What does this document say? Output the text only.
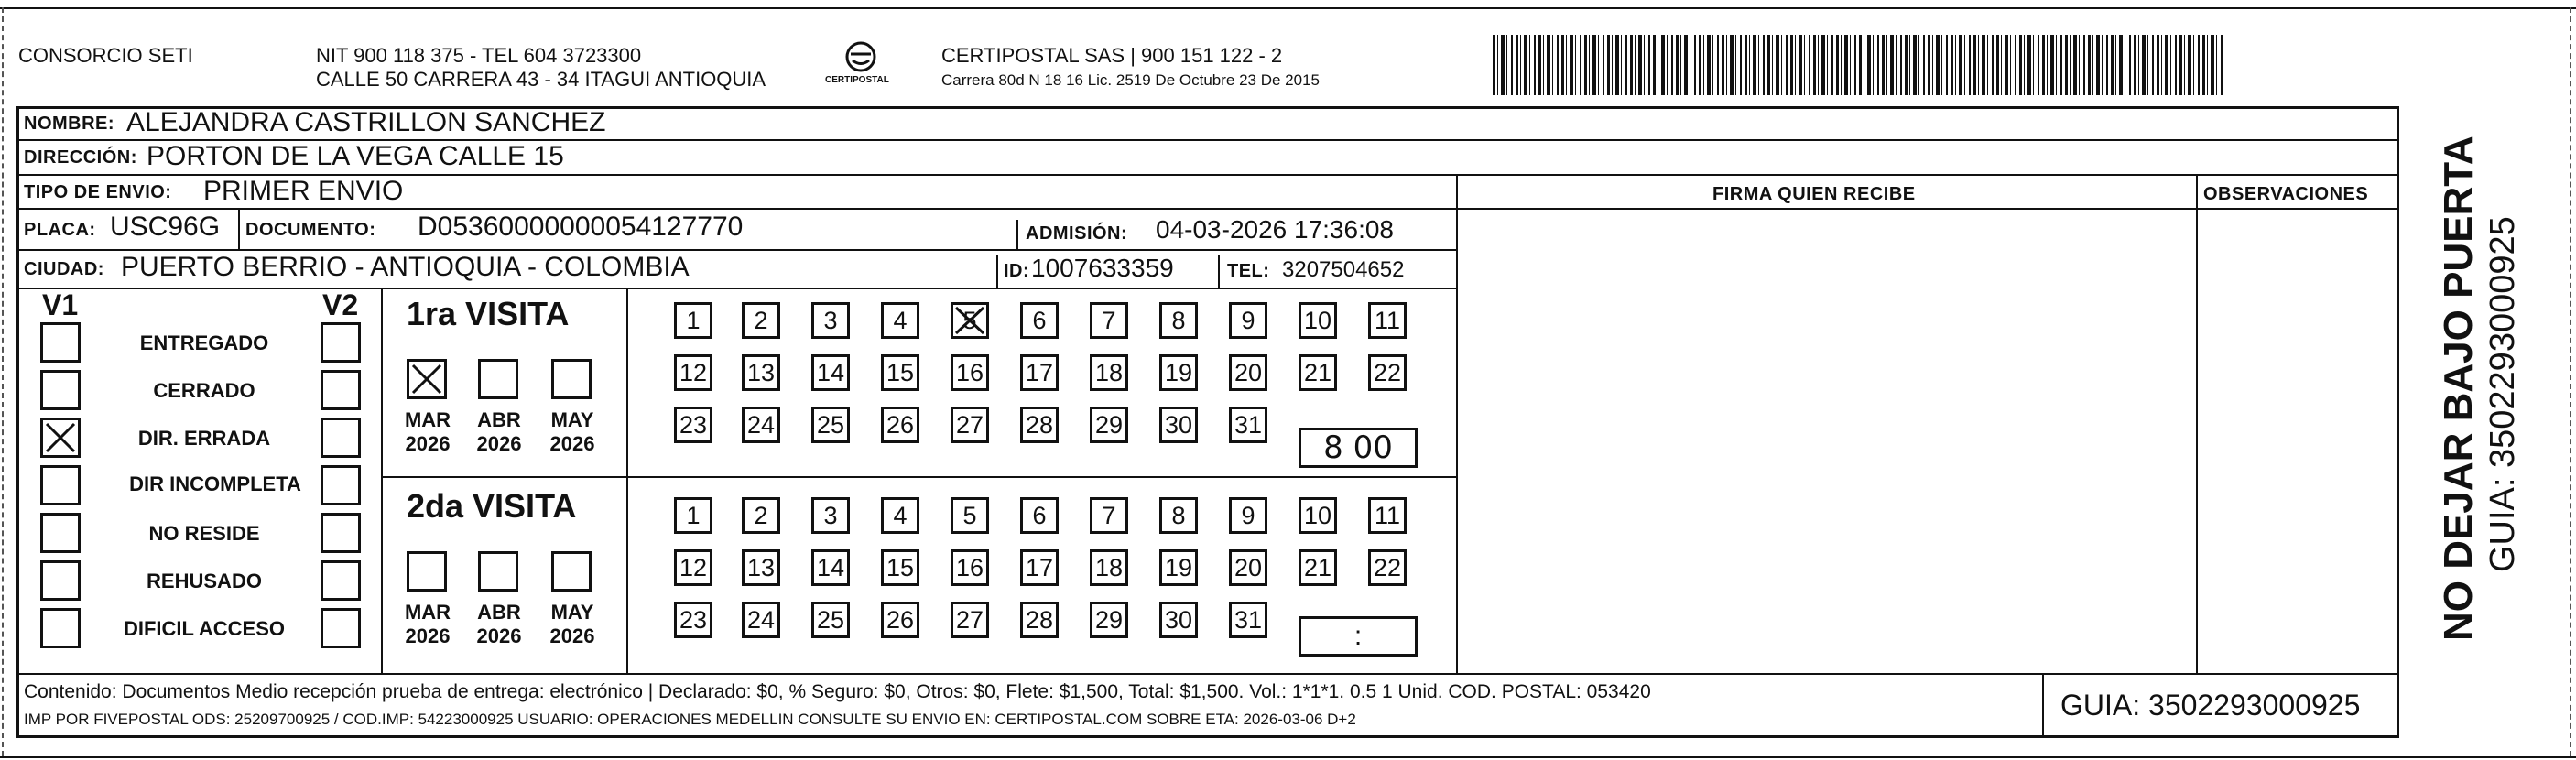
CONSORCIO SETI	NIT 900 118 375 - TEL 604 3723300
CALLE 50 CARRERA 43 - 34 ITAGUI ANTIOQUIA	CERTIPOSTAL
CERTIPOSTAL SAS | 900 151 122 - 2
Carrera 80d N 18 16 Lic. 2519 De Octubre 23 De 2015
NOMBRE: ALEJANDRA CASTRILLON SANCHEZ
DIRECCIÓN: PORTON DE LA VEGA CALLE 15
TIPO DE ENVIO: PRIMER ENVIO	FIRMA QUIEN RECIBE	OBSERVACIONES
PLACA: USC96G DOCUMENTO: D05360000000054127770	ADMISIÓN: 04-03-2026 17:36:08
CIUDAD: PUERTO BERRIO - ANTIOQUIA - COLOMBIA	ID: 1007633359	TEL: 3207504652
V1	V2
ENTREGADO
CERRADO
DIR. ERRADA
DIR INCOMPLETA
NO RESIDE
REHUSADO
DIFICIL ACCESO
1ra VISITA
MAR
2026
ABR
2026
MAY
2026
2da VISITA
MAR
2026
ABR
2026
MAY
2026
1	2	3	4	5	6	7	8	9	10 11
12 13 14 15 16 17 18 19 20 21 22
23 24 25 26 27 28 29 30 31
1	2	3	4	5	6	7	8	9	10 11
12 13 14 15 16 17 18 19 20 21 22
23 24 25 26 27 28 29 30 31
8 00
:
Contenido: Documentos Medio recepción prueba de entrega: electrónico | Declarado: $0, % Seguro: $0, Otros: $0, Flete: $1,500, Total: $1,500. Vol.: 1*1*1. 0.5 1 Unid. COD. POSTAL: 053420
IMP POR FIVEPOSTAL ODS: 25209700925 / COD.IMP: 54223000925 USUARIO: OPERACIONES MEDELLIN CONSULTE SU ENVIO EN: CERTIPOSTAL.COM SOBRE ETA: 2026-03-06 D+2	GUIA: 3502293000925
NO DEJAR BAJO PUERTA GUIA: 3502293000925
